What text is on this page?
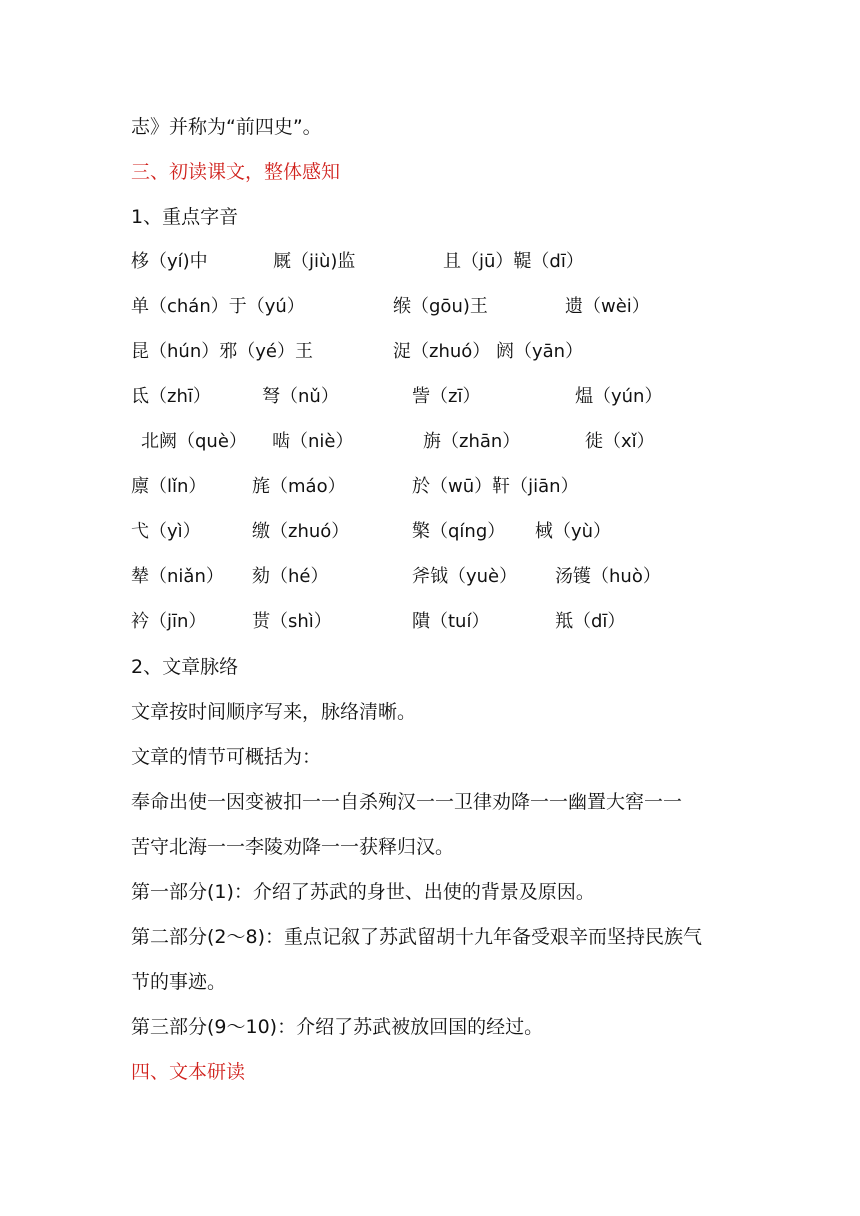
志》并称为“前四史”。
三、初读课文，整体感知
1、重点字音
栘（yí)中	厩（jiù)监	且（jū）鞮（dī）
单（chán）于（yú）	缑（gōu)王	遗（wèi）
昆（hún）邪（yé）王	浞（zhuó） 阏（yān）
氐（zhī）	弩（nǔ）	訾（zī）	煴（yún）
北阙（què） 啮（niè）	旃（zhān）	徙（xǐ）
廪（lǐn）	旄（máo）	於（wū）靬（jiān）
弋（yì）	缴（zhuó）	檠（qíng） 棫（yù）
辇（niǎn） 劾（hé）	斧钺（yuè） 汤镬（huò）
衿（jīn）	贳（shì）	隤（tuí）	羝（dī）
2、文章脉络
文章按时间顺序写来，脉络清晰。
文章的情节可概括为：
奉命出使一因变被扣一一自杀殉汉一一卫律劝降一一幽置大窖一一
苦守北海一一李陵劝降一一获释归汉。
第一部分(1)：介绍了苏武的身世、出使的背景及原因。
第二部分(2～8)：重点记叙了苏武留胡十九年备受艰辛而坚持民族气
节的事迹。
第三部分(9～10)：介绍了苏武被放回国的经过。
四、文本研读
